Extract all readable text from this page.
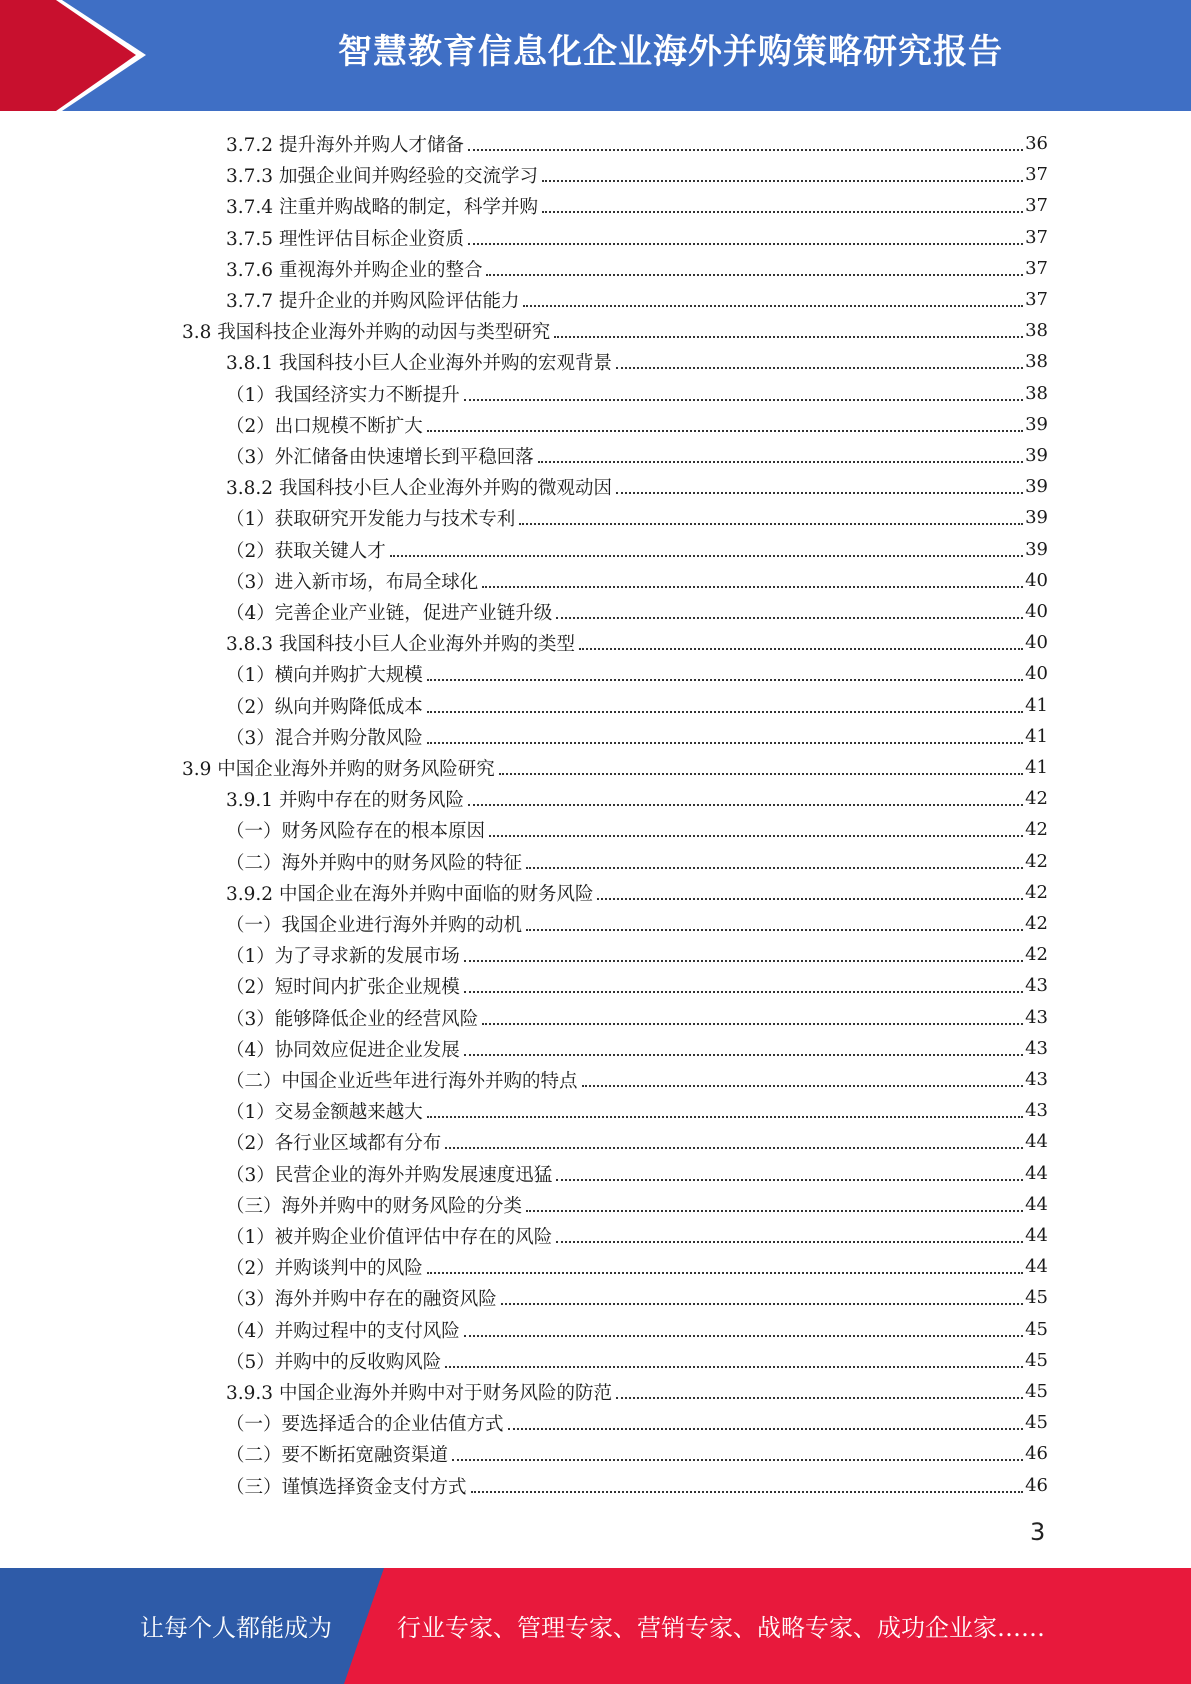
智慧教育信息化企业海外并购策略研究报告
3.7.2 提升海外并购人才储备	36
3.7.3 加强企业间并购经验的交流学习	37
3.7.4 注重并购战略的制定，科学并购	37
3.7.5 理性评估目标企业资质	37
3.7.6 重视海外并购企业的整合	37
3.7.7 提升企业的并购风险评估能力	37
3.8 我国科技企业海外并购的动因与类型研究	38
3.8.1 我国科技小巨人企业海外并购的宏观背景	38
（1）我国经济实力不断提升	38
（2）出口规模不断扩大	39
（3）外汇储备由快速增长到平稳回落	39
3.8.2 我国科技小巨人企业海外并购的微观动因	39
（1）获取研究开发能力与技术专利	39
（2）获取关键人才	39
（3）进入新市场，布局全球化	40
（4）完善企业产业链，促进产业链升级	40
3.8.3 我国科技小巨人企业海外并购的类型	40
（1）横向并购扩大规模	40
（2）纵向并购降低成本	41
（3）混合并购分散风险	41
3.9 中国企业海外并购的财务风险研究	41
3.9.1 并购中存在的财务风险	42
（一）财务风险存在的根本原因	42
（二）海外并购中的财务风险的特征	42
3.9.2 中国企业在海外并购中面临的财务风险	42
（一）我国企业进行海外并购的动机	42
（1）为了寻求新的发展市场	42
（2）短时间内扩张企业规模	43
（3）能够降低企业的经营风险	43
（4）协同效应促进企业发展	43
（二）中国企业近些年进行海外并购的特点	43
（1）交易金额越来越大	43
（2）各行业区域都有分布	44
（3）民营企业的海外并购发展速度迅猛	44
（三）海外并购中的财务风险的分类	44
（1）被并购企业价值评估中存在的风险	44
（2）并购谈判中的风险	44
（3）海外并购中存在的融资风险	45
（4）并购过程中的支付风险	45
（5）并购中的反收购风险	45
3.9.3 中国企业海外并购中对于财务风险的防范	45
（一）要选择适合的企业估值方式	45
（二）要不断拓宽融资渠道	46
（三）谨慎选择资金支付方式	46
3
让每个人都能成为	行业专家、管理专家、营销专家、战略专家、成功企业家……
